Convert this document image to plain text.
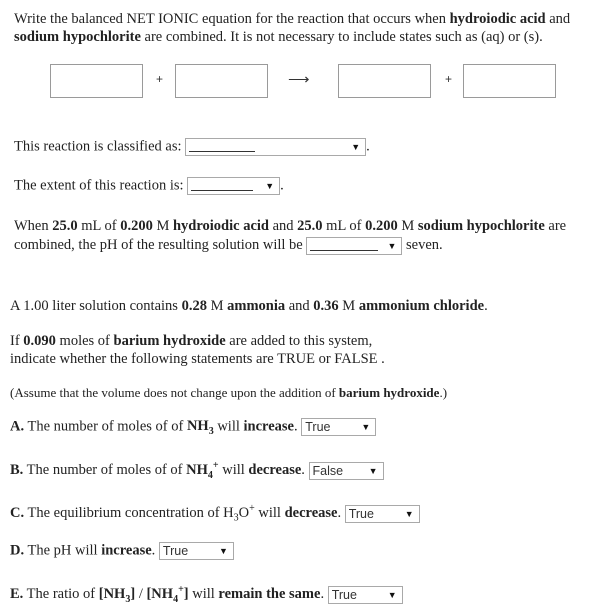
Write the balanced NET IONIC equation for the reaction that occurs when hydroiodic acid and
sodium hypochlorite are combined. It is not necessary to include states such as (aq) or (s).
+	⟶	+
This reaction is classified as:	▼ .
The extent of this reaction is:	▼ .
When 25.0 mL of 0.200 M hydroiodic acid and 25.0 mL of 0.200 M sodium hypochlorite are
combined, the pH of the resulting solution will be	▼ seven.
A 1.00 liter solution contains 0.28 M ammonia and 0.36 M ammonium chloride.
If 0.090 moles of barium hydroxide are added to this system,
indicate whether the following statements are TRUE or FALSE .
(Assume that the volume does not change upon the addition of barium hydroxide.)
A. The number of moles of of $NH_3$ will increase. True	▼
B. The number of moles of of $NH_4^+$ will decrease. False	▼
C. The equilibrium concentration of $H_3O^+$ will decrease. True	▼
D. The pH will increase. True	▼
E. The ratio of $[NH_3] / [NH_4^+]$ will remain the same. True	▼
